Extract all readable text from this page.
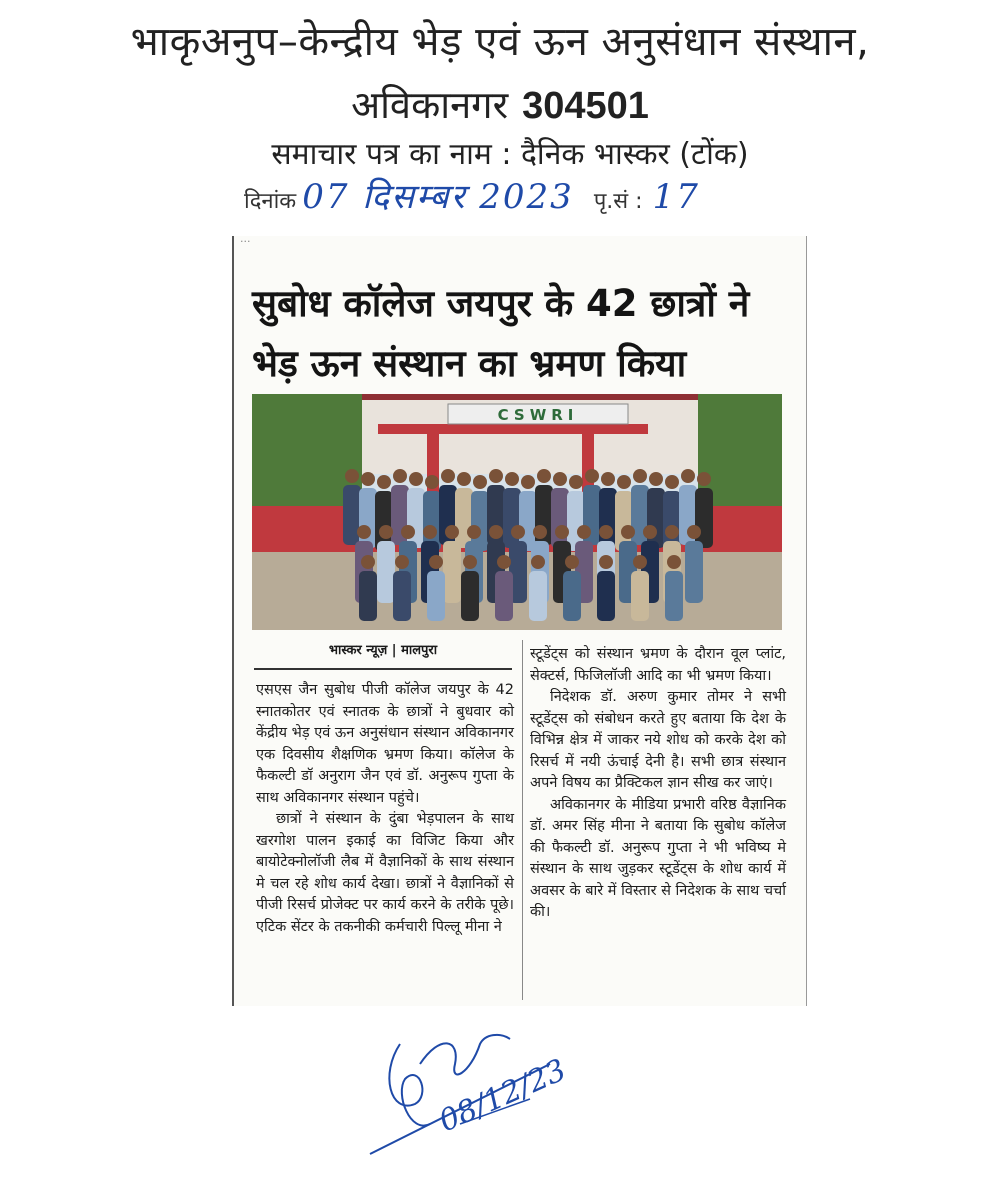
भाकृअनुप–केन्द्रीय भेड़ एवं ऊन अनुसंधान संस्थान,
अविकानगर 304501
समाचार पत्र का नाम : दैनिक भास्कर (टोंक)
दिनांक 07 दिसम्बर 2023 पृ.सं : 17
...
सुबोध कॉलेज जयपुर के 42 छात्रों ने भेड़ ऊन संस्थान का भ्रमण किया
CSWRI
भास्कर न्यूज़ | मालपुरा

एसएस जैन सुबोध पीजी कॉलेज जयपुर के 42 स्नातकोतर एवं स्नातक के छात्रों ने बुधवार को केंद्रीय भेड़ एवं ऊन अनुसंधान संस्थान अविकानगर एक दिवसीय शैक्षणिक भ्रमण किया। कॉलेज के फैकल्टी डॉ अनुराग जैन एवं डॉ. अनुरूप गुप्ता के साथ अविकानगर संस्थान पहुंचे।

छात्रों ने संस्थान के दुंबा भेड़पालन के साथ खरगोश पालन इकाई का विजिट किया और बायोटेक्नोलॉजी लैब में वैज्ञानिकों के साथ संस्थान मे चल रहे शोध कार्य देखा। छात्रों ने वैज्ञानिकों से पीजी रिसर्च प्रोजेक्ट पर कार्य करने के तरीके पूछे। एटिक सेंटर के तकनीकी कर्मचारी पिल्लू मीना ने

स्टूडेंट्स को संस्थान भ्रमण के दौरान वूल प्लांट, सेक्टर्स, फिजिलॉजी आदि का भी भ्रमण किया।

निदेशक डॉ. अरुण कुमार तोमर ने सभी स्टूडेंट्स को संबोधन करते हुए बताया कि देश के विभिन्न क्षेत्र में जाकर नये शोध को करके देश को रिसर्च में नयी ऊंचाई देनी है। सभी छात्र संस्थान अपने विषय का प्रैक्टिकल ज्ञान सीख कर जाएं।

अविकानगर के मीडिया प्रभारी वरिष्ठ वैज्ञानिक डॉ. अमर सिंह मीना ने बताया कि सुबोध कॉलेज की फैकल्टी डॉ. अनुरूप गुप्ता ने भी भविष्य मे संस्थान के साथ जुड़कर स्टूडेंट्स के शोध कार्य में अवसर के बारे में विस्तार से निदेशक के साथ चर्चा की।

08/12/23
